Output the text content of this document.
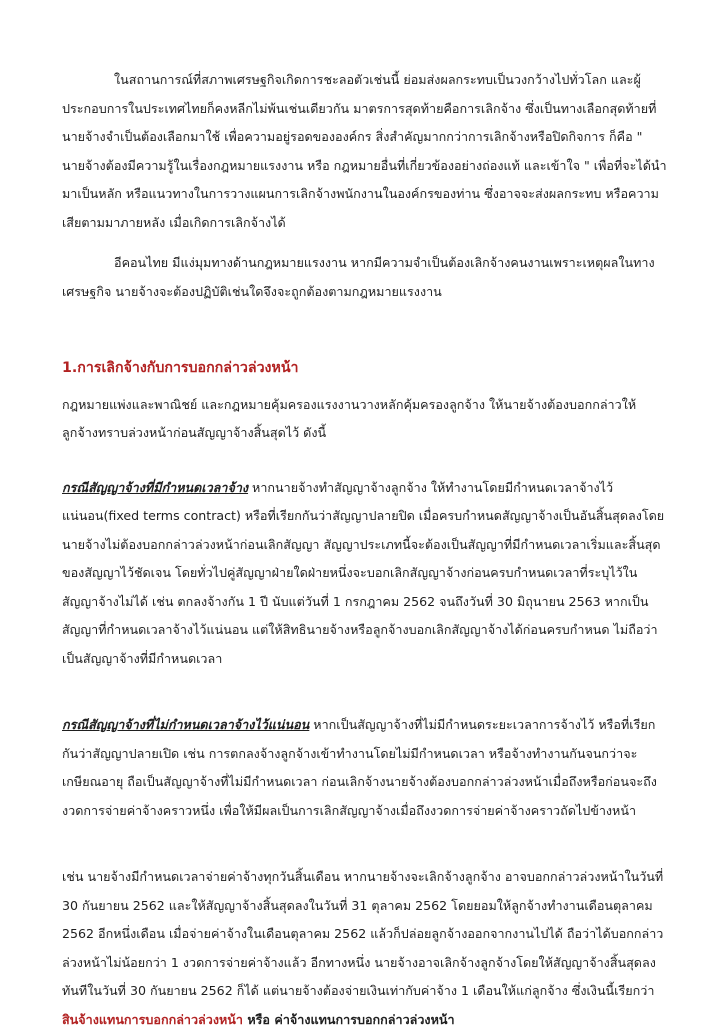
ในสถานการณ์ที่สภาพเศรษฐกิจเกิดการชะลอตัวเช่นนี้ ย่อมส่งผลกระทบเป็นวงกว้างไปทั่วโลก และผู้ประกอบการในประเทศไทยก็คงหลีกไม่พ้นเช่นเดียวกัน มาตรการสุดท้ายคือการเลิกจ้าง ซึ่งเป็นทางเลือกสุดท้ายที่นายจ้างจำเป็นต้องเลือกมาใช้ เพื่อความอยู่รอดขององค์กร สิ่งสำคัญมากกว่าการเลิกจ้างหรือปิดกิจการ ก็คือ " นายจ้างต้องมีความรู้ในเรื่องกฎหมายแรงงาน หรือ กฎหมายอื่นที่เกี่ยวข้องอย่างถ่องแท้ และเข้าใจ " เพื่อที่จะได้นำมาเป็นหลัก หรือแนวทางในการวางแผนการเลิกจ้างพนักงานในองค์กรของท่าน ซึ่งอาจจะส่งผลกระทบ หรือความเสียตามมาภายหลัง เมื่อเกิดการเลิกจ้างได้

อีคอนไทย มีแง่มุมทางด้านกฎหมายแรงงาน หากมีความจำเป็นต้องเลิกจ้างคนงานเพราะเหตุผลในทางเศรษฐกิจ นายจ้างจะต้องปฏิบัติเช่นใดจึงจะถูกต้องตามกฎหมายแรงงาน

1.การเลิกจ้างกับการบอกกล่าวล่วงหน้า

กฎหมายแพ่งและพาณิชย์ และกฎหมายคุ้มครองแรงงานวางหลักคุ้มครองลูกจ้าง ให้นายจ้างต้องบอกกล่าวให้ลูกจ้างทราบล่วงหน้าก่อนสัญญาจ้างสิ้นสุดไว้ ดังนี้

กรณีสัญญาจ้างที่มีกำหนดเวลาจ้าง หากนายจ้างทำสัญญาจ้างลูกจ้าง ให้ทำงานโดยมีกำหนดเวลาจ้างไว้แน่นอน(fixed terms contract) หรือที่เรียกกันว่าสัญญาปลายปิด เมื่อครบกำหนดสัญญาจ้างเป็นอันสิ้นสุดลงโดยนายจ้างไม่ต้องบอกกล่าวล่วงหน้าก่อนเลิกสัญญา สัญญาประเภทนี้จะต้องเป็นสัญญาที่มีกำหนดเวลาเริ่มและสิ้นสุดของสัญญาไว้ชัดเจน โดยทั่วไปคู่สัญญาฝ่ายใดฝ่ายหนึ่งจะบอกเลิกสัญญาจ้างก่อนครบกำหนดเวลาที่ระบุไว้ในสัญญาจ้างไม่ได้ เช่น ตกลงจ้างกัน 1 ปี นับแต่วันที่ 1 กรกฎาคม 2562 จนถึงวันที่ 30 มิถุนายน 2563 หากเป็นสัญญาที่กำหนดเวลาจ้างไว้แน่นอน แต่ให้สิทธินายจ้างหรือลูกจ้างบอกเลิกสัญญาจ้างได้ก่อนครบกำหนด ไม่ถือว่าเป็นสัญญาจ้างที่มีกำหนดเวลา

กรณีสัญญาจ้างที่ไม่กำหนดเวลาจ้างไว้แน่นอน หากเป็นสัญญาจ้างที่ไม่มีกำหนดระยะเวลาการจ้างไว้ หรือที่เรียกกันว่าสัญญาปลายเปิด เช่น การตกลงจ้างลูกจ้างเข้าทำงานโดยไม่มีกำหนดเวลา หรือจ้างทำงานกันจนกว่าจะเกษียณอายุ ถือเป็นสัญญาจ้างที่ไม่มีกำหนดเวลา ก่อนเลิกจ้างนายจ้างต้องบอกกล่าวล่วงหน้าเมื่อถึงหรือก่อนจะถึงงวดการจ่ายค่าจ้างคราวหนึ่ง เพื่อให้มีผลเป็นการเลิกสัญญาจ้างเมื่อถึงงวดการจ่ายค่าจ้างคราวถัดไปข้างหน้า

เช่น นายจ้างมีกำหนดเวลาจ่ายค่าจ้างทุกวันสิ้นเดือน หากนายจ้างจะเลิกจ้างลูกจ้าง อาจบอกกล่าวล่วงหน้าในวันที่ 30 กันยายน 2562 และให้สัญญาจ้างสิ้นสุดลงในวันที่ 31 ตุลาคม 2562 โดยยอมให้ลูกจ้างทำงานเดือนตุลาคม 2562 อีกหนึ่งเดือน เมื่อจ่ายค่าจ้างในเดือนตุลาคม 2562 แล้วก็ปล่อยลูกจ้างออกจากงานไปได้ ถือว่าได้บอกกล่าวล่วงหน้าไม่น้อยกว่า 1 งวดการจ่ายค่าจ้างแล้ว อีกทางหนึ่ง นายจ้างอาจเลิกจ้างลูกจ้างโดยให้สัญญาจ้างสิ้นสุดลงทันทีในวันที่ 30 กันยายน 2562 ก็ได้ แต่นายจ้างต้องจ่ายเงินเท่ากับค่าจ้าง 1 เดือนให้แก่ลูกจ้าง ซึ่งเงินนี้เรียกว่า สินจ้างแทนการบอกกล่าวล่วงหน้า หรือ ค่าจ้างแทนการบอกกล่าวล่วงหน้า
